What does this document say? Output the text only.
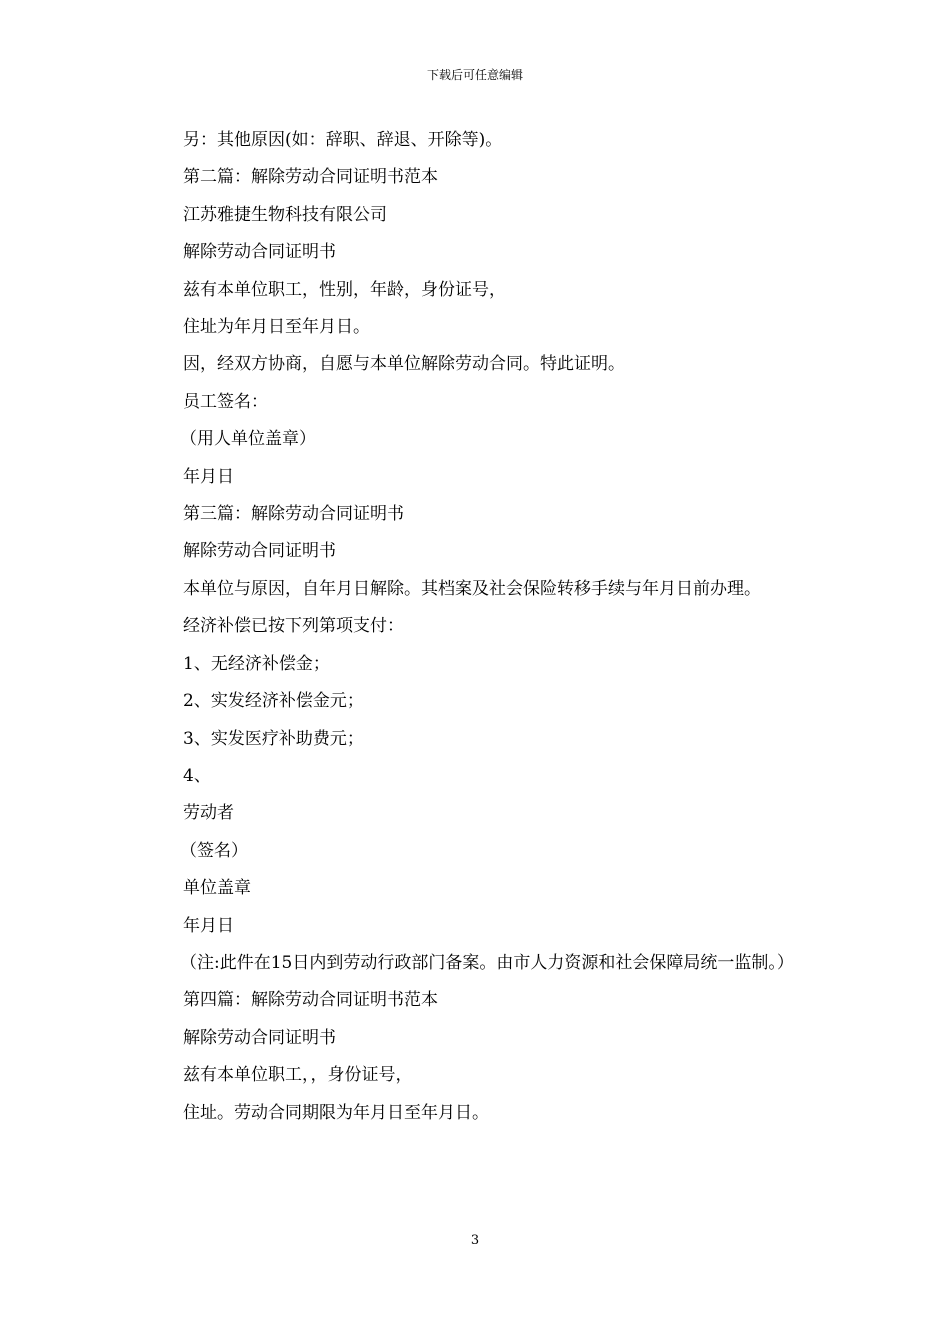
下载后可任意编辑

另：其他原因(如：辞职、辞退、开除等)。

第二篇：解除劳动合同证明书范本

江苏雅捷生物科技有限公司

解除劳动合同证明书

兹有本单位职工，性别，年龄，身份证号，

住址为年月日至年月日。

因，经双方协商，自愿与本单位解除劳动合同。特此证明。

员工签名：

（用人单位盖章）

年月日

第三篇：解除劳动合同证明书

解除劳动合同证明书

本单位与原因，自年月日解除。其档案及社会保险转移手续与年月日前办理。

经济补偿已按下列第项支付：

1、无经济补偿金；

2、实发经济补偿金元；

3、实发医疗补助费元；

4、

劳动者

（签名）

单位盖章

年月日

（注:此件在15日内到劳动行政部门备案。由市人力资源和社会保障局统一监制。）

第四篇：解除劳动合同证明书范本

解除劳动合同证明书

兹有本单位职工，，身份证号，

住址。劳动合同期限为年月日至年月日。

3
